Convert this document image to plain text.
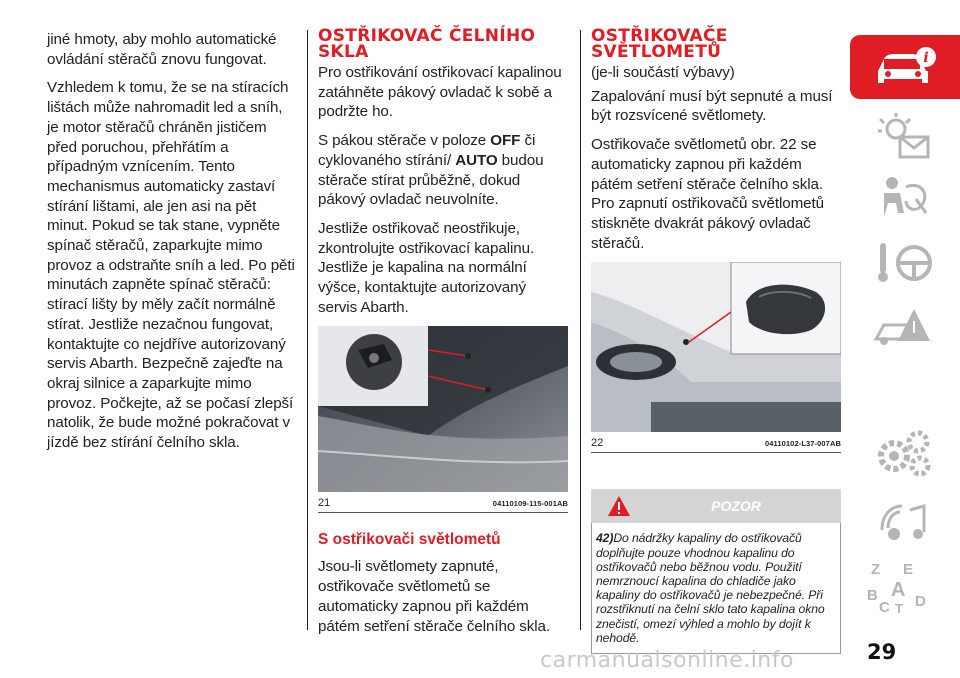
jiné hmoty, aby mohlo automatické ovládání stěračů znovu fungovat.

Vzhledem k tomu, že se na stíracích lištách může nahromadit led a sníh, je motor stěračů chráněn jističem před poruchou, přehřátím a případným vznícením. Tento mechanismus automaticky zastaví stírání lištami, ale jen asi na pět minut. Pokud se tak stane, vypněte spínač stěračů, zaparkujte mimo provoz a odstraňte sníh a led. Po pěti minutách zapněte spínač stěračů: stírací lišty by měly začít normálně stírat. Jestliže nezačnou fungovat, kontaktujte co nejdříve autorizovaný servis Abarth. Bezpečně zajeďte na okraj silnice a zaparkujte mimo provoz. Počkejte, až se počasí zlepší natolik, že bude možné pokračovat v jízdě bez stírání čelního skla.

OSTŘIKOVAČ ČELNÍHO
SKLA

Pro ostřikování ostřikovací kapalinou zatáhněte pákový ovladač k sobě a podržte ho.

S pákou stěrače v poloze OFF či cyklovaného stírání/ AUTO budou stěrače stírat průběžně, dokud pákový ovladač neuvolníte.

Jestliže ostřikovač neostřikuje, zkontrolujte ostřikovací kapalinu. Jestliže je kapalina na normální výšce, kontaktujte autorizovaný servis Abarth.

21	04110109-115-001AB
S ostřikovači světlometů

Jsou-li světlomety zapnuté, ostřikovače světlometů se automaticky zapnou při každém pátém setření stěrače čelního skla.

OSTŘIKOVAČE
SVĚTLOMETŮ

(je-li součástí výbavy)

Zapalování musí být sepnuté a musí být rozsvícené světlomety.

Ostřikovače světlometů obr. 22 se automaticky zapnou při každém pátém setření stěrače čelního skla. Pro zapnutí ostřikovačů světlometů stiskněte dvakrát pákový ovladač stěračů.

22	04110102-L37-007AB
POZOR

42)Do nádržky kapaliny do ostřikovačů doplňujte pouze vhodnou kapalinu do ostřikovačů nebo běžnou vodu. Použití nemrznoucí kapalina do chladiče jako kapaliny do ostřikovačů je nebezpečné. Při rozstřiknutí na čelní sklo tato kapalina okno znečistí, omezí výhled a mohlo by dojít k nehodě.

i
Z E
A
B
C D
T
29
carmanualsonline.info
